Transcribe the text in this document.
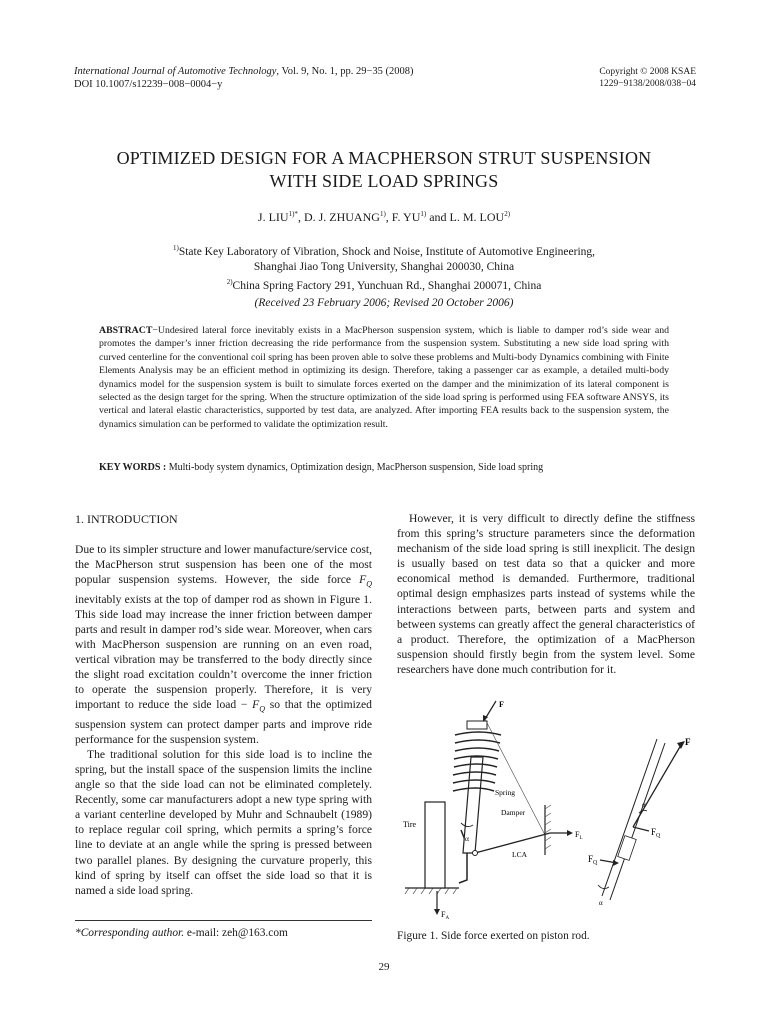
International Journal of Automotive Technology, Vol. 9, No. 1, pp. 29−35 (2008)
DOI 10.1007/s12239−008−0004−y
Copyright © 2008 KSAE
1229−9138/2008/038−04
OPTIMIZED DESIGN FOR A MACPHERSON STRUT SUSPENSION
WITH SIDE LOAD SPRINGS
J. $LIU^{1)*}$, D. J. ZHUANG$^{1)}$, F. YU$^{1)}$ and L. M. LOU$^{2)}$
$^{1)}$State Key Laboratory of Vibration, Shock and Noise, Institute of Automotive Engineering,
Shanghai Jiao Tong University, Shanghai 200030, China
$^{2)}$China Spring Factory 291, Yunchuan Rd., Shanghai 200071, China
(Received 23 February 2006; Revised 20 October 2006)
ABSTRACT−Undesired lateral force inevitably exists in a MacPherson suspension system, which is liable to damper rod’s side wear and promotes the damper’s inner friction decreasing the ride performance from the suspension system. Substituting a new side load spring with curved centerline for the conventional coil spring has been proven able to solve these problems and Multi-body Dynamics combining with Finite Elements Analysis may be an efficient method in optimizing its design. Therefore, taking a passenger car as example, a detailed multi-body dynamics model for the suspension system is built to simulate forces exerted on the damper and the minimization of its lateral component is selected as the design target for the spring. When the structure optimization of the side load spring is performed using FEA software ANSYS, its vertical and lateral elastic characteristics, supported by test data, are analyzed. After importing FEA results back to the suspension system, the dynamics simulation can be performed to validate the optimization result.
KEY WORDS : Multi-body system dynamics, Optimization design, MacPherson suspension, Side load spring
1. INTRODUCTION

Due to its simpler structure and lower manufacture/service cost, the MacPherson strut suspension has been one of the most popular suspension systems. However, the side force $F_Q$ inevitably exists at the top of damper rod as shown in Figure 1. This side load may increase the inner friction between damper parts and result in damper rod’s side wear. Moreover, when cars with MacPherson suspension are running on an even road, vertical vibration may be transferred to the body directly since the slight road excitation couldn’t overcome the inner friction to operate the suspension properly. Therefore, it is very important to reduce the side load − $F_Q$ so that the optimized suspension system can protect damper parts and improve ride performance for the suspension system.

The traditional solution for this side load is to incline the spring, but the install space of the suspension limits the incline angle so that the side load can not be eliminated completely. Recently, some car manufacturers adopt a new type spring with a variant centerline developed by Muhr and Schnaubelt (1989) to replace regular coil spring, which permits a spring’s force line to deviate at an angle while the spring is pressed between two parallel planes. By designing the curvature properly, this kind of spring by itself can offset the side load so that it is named a side load spring.

*Corresponding author. e-mail: zeh@163.com

However, it is very difficult to directly define the stiffness from this spring’s structure parameters since the deformation mechanism of the side load spring is still inexplicit. The design is usually based on test data so that a quicker and more economical method is demanded. Furthermore, traditional optimal design emphasizes parts instead of systems while the interactions between parts, between parts and system and between systems can greatly affect the general characteristics of a product. Therefore, the optimization of a MacPherson suspension should firstly begin from the system level. Some researchers have done much contribution for it.

Tire
$F_A$
F
Spring
Damper
α
LCA
$F_L$
F
α
$F_Q$
$F_Q$
α
Figure 1. Side force exerted on piston rod.
29
